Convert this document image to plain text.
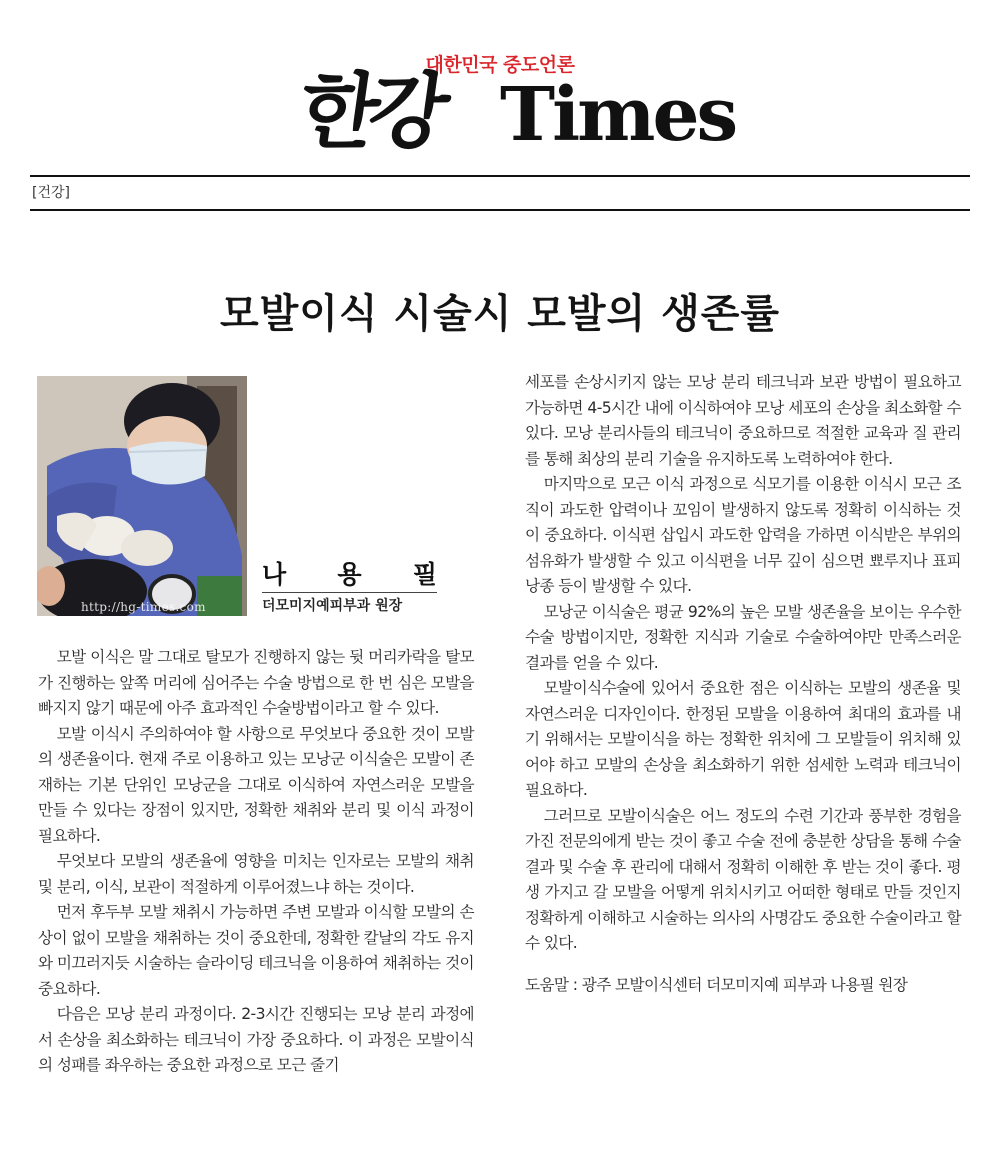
대한민국 중도언론
한강 Times
[건강]
모발이식 시술시 모발의 생존률
http://hg-times.com
나 용 필
더모미지예피부과 원장

모발 이식은 말 그대로 탈모가 진행하지 않는 뒷 머리카락을 탈모가 진행하는 앞쪽 머리에 심어주는 수술 방법으로 한 번 심은 모발을 빠지지 않기 때문에 아주 효과적인 수술방법이라고 할 수 있다.

모발 이식시 주의하여야 할 사항으로 무엇보다 중요한 것이 모발의 생존율이다. 현재 주로 이용하고 있는 모낭군 이식술은 모발이 존재하는 기본 단위인 모낭군을 그대로 이식하여 자연스러운 모발을 만들 수 있다는 장점이 있지만, 정확한 채취와 분리 및 이식 과정이 필요하다.

무엇보다 모발의 생존율에 영향을 미치는 인자로는 모발의 채취 및 분리, 이식, 보관이 적절하게 이루어졌느냐 하는 것이다.

먼저 후두부 모발 채취시 가능하면 주변 모발과 이식할 모발의 손상이 없이 모발을 채취하는 것이 중요한데, 정확한 칼날의 각도 유지와 미끄러지듯 시술하는 슬라이딩 테크닉을 이용하여 채취하는 것이 중요하다.

다음은 모낭 분리 과정이다. 2-3시간 진행되는 모낭 분리 과정에서 손상을 최소화하는 테크닉이 가장 중요하다. 이 과정은 모발이식의 성패를 좌우하는 중요한 과정으로 모근 줄기

세포를 손상시키지 않는 모낭 분리 테크닉과 보관 방법이 필요하고 가능하면 4-5시간 내에 이식하여야 모낭 세포의 손상을 최소화할 수 있다. 모낭 분리사들의 테크닉이 중요하므로 적절한 교육과 질 관리를 통해 최상의 분리 기술을 유지하도록 노력하여야 한다.

마지막으로 모근 이식 과정으로 식모기를 이용한 이식시 모근 조직이 과도한 압력이나 꼬임이 발생하지 않도록 정확히 이식하는 것이 중요하다. 이식편 삽입시 과도한 압력을 가하면 이식받은 부위의 섬유화가 발생할 수 있고 이식편을 너무 깊이 심으면 뾰루지나 표피 낭종 등이 발생할 수 있다.

모낭군 이식술은 평균 92%의 높은 모발 생존율을 보이는 우수한 수술 방법이지만, 정확한 지식과 기술로 수술하여야만 만족스러운 결과를 얻을 수 있다.

모발이식수술에 있어서 중요한 점은 이식하는 모발의 생존율 및 자연스러운 디자인이다. 한정된 모발을 이용하여 최대의 효과를 내기 위해서는 모발이식을 하는 정확한 위치에 그 모발들이 위치해 있어야 하고 모발의 손상을 최소화하기 위한 섬세한 노력과 테크닉이 필요하다.

그러므로 모발이식술은 어느 정도의 수련 기간과 풍부한 경험을 가진 전문의에게 받는 것이 좋고 수술 전에 충분한 상담을 통해 수술 결과 및 수술 후 관리에 대해서 정확히 이해한 후 받는 것이 좋다. 평생 가지고 갈 모발을 어떻게 위치시키고 어떠한 형태로 만들 것인지 정확하게 이해하고 시술하는 의사의 사명감도 중요한 수술이라고 할 수 있다.

도움말 : 광주 모발이식센터 더모미지예 피부과 나용필 원장
